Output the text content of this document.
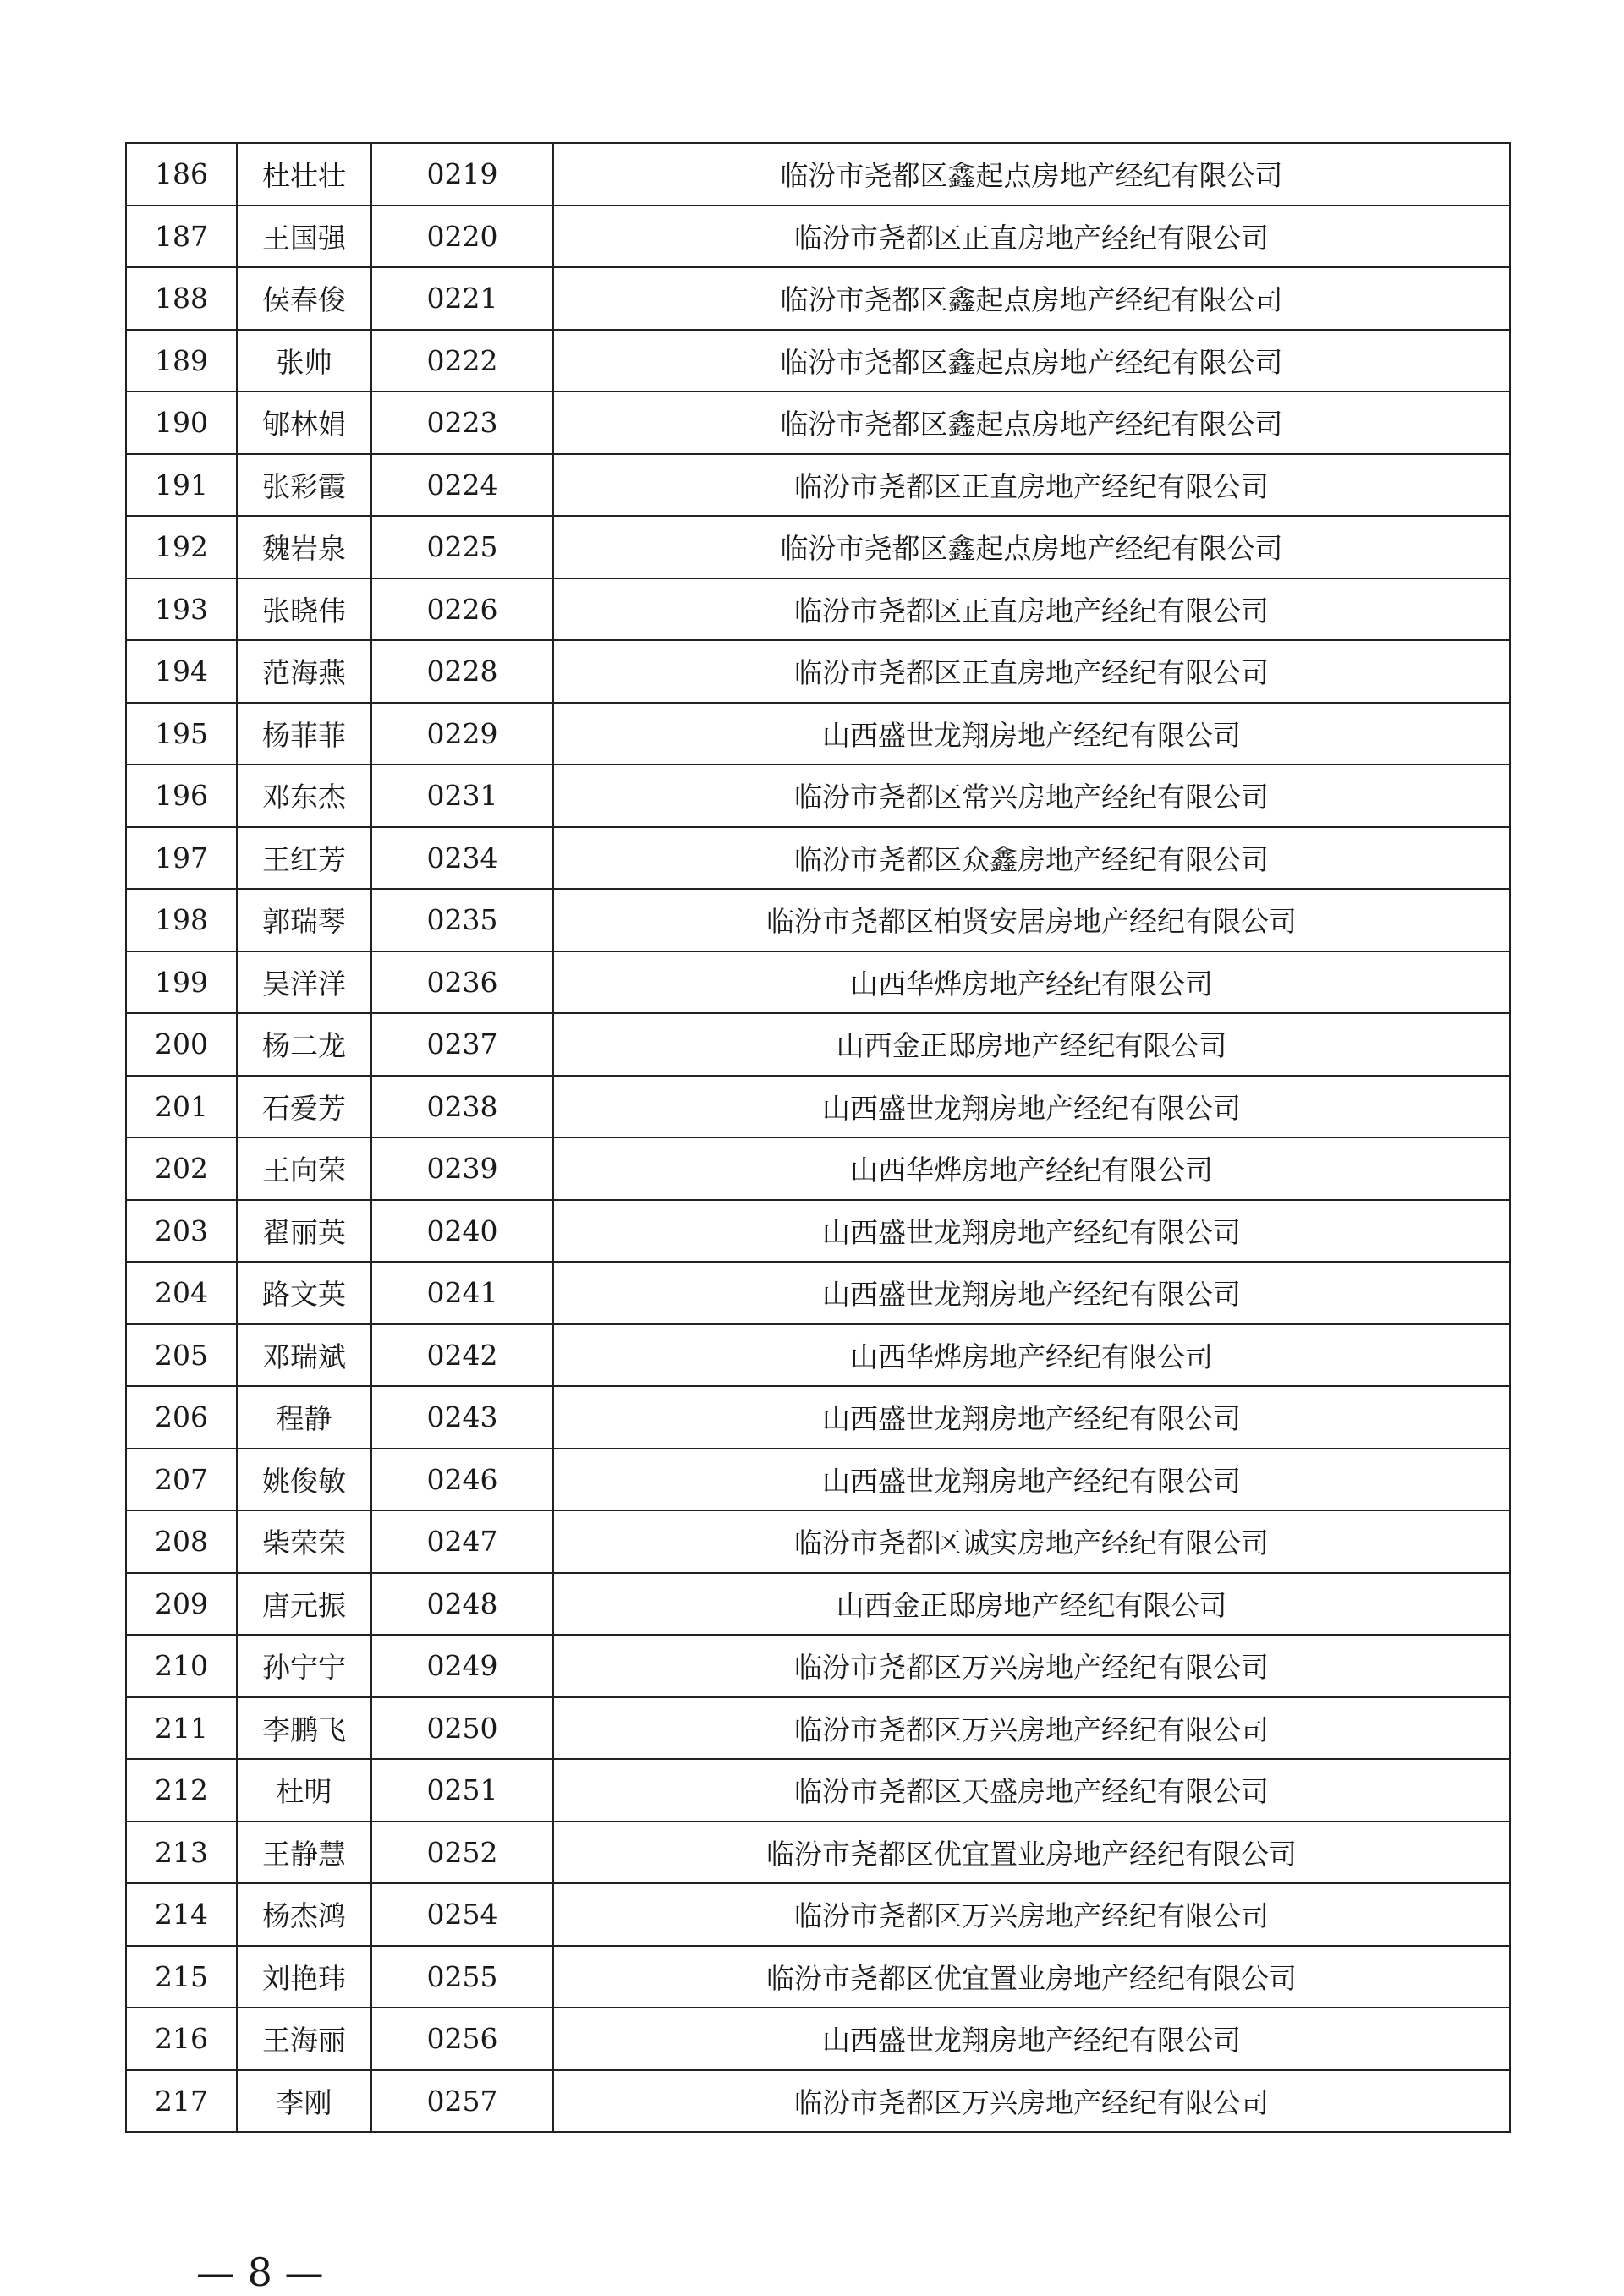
186	杜壮壮	0219	临汾市尧都区鑫起点房地产经纪有限公司
187	王国强	0220	临汾市尧都区正直房地产经纪有限公司
188	侯春俊	0221	临汾市尧都区鑫起点房地产经纪有限公司
189	张帅	0222	临汾市尧都区鑫起点房地产经纪有限公司
190	郇林娟	0223	临汾市尧都区鑫起点房地产经纪有限公司
191	张彩霞	0224	临汾市尧都区正直房地产经纪有限公司
192	魏岩泉	0225	临汾市尧都区鑫起点房地产经纪有限公司
193	张晓伟	0226	临汾市尧都区正直房地产经纪有限公司
194	范海燕	0228	临汾市尧都区正直房地产经纪有限公司
195	杨菲菲	0229	山西盛世龙翔房地产经纪有限公司
196	邓东杰	0231	临汾市尧都区常兴房地产经纪有限公司
197	王红芳	0234	临汾市尧都区众鑫房地产经纪有限公司
198	郭瑞琴	0235	临汾市尧都区柏贤安居房地产经纪有限公司
199	吴洋洋	0236	山西华烨房地产经纪有限公司
200	杨二龙	0237	山西金正邸房地产经纪有限公司
201	石爱芳	0238	山西盛世龙翔房地产经纪有限公司
202	王向荣	0239	山西华烨房地产经纪有限公司
203	翟丽英	0240	山西盛世龙翔房地产经纪有限公司
204	路文英	0241	山西盛世龙翔房地产经纪有限公司
205	邓瑞斌	0242	山西华烨房地产经纪有限公司
206	程静	0243	山西盛世龙翔房地产经纪有限公司
207	姚俊敏	0246	山西盛世龙翔房地产经纪有限公司
208	柴荣荣	0247	临汾市尧都区诚实房地产经纪有限公司
209	唐元振	0248	山西金正邸房地产经纪有限公司
210	孙宁宁	0249	临汾市尧都区万兴房地产经纪有限公司
211	李鹏飞	0250	临汾市尧都区万兴房地产经纪有限公司
212	杜明	0251	临汾市尧都区天盛房地产经纪有限公司
213	王静慧	0252	临汾市尧都区优宜置业房地产经纪有限公司
214	杨杰鸿	0254	临汾市尧都区万兴房地产经纪有限公司
215	刘艳玮	0255	临汾市尧都区优宜置业房地产经纪有限公司
216	王海丽	0256	山西盛世龙翔房地产经纪有限公司
217	李刚	0257	临汾市尧都区万兴房地产经纪有限公司
— 8 —
